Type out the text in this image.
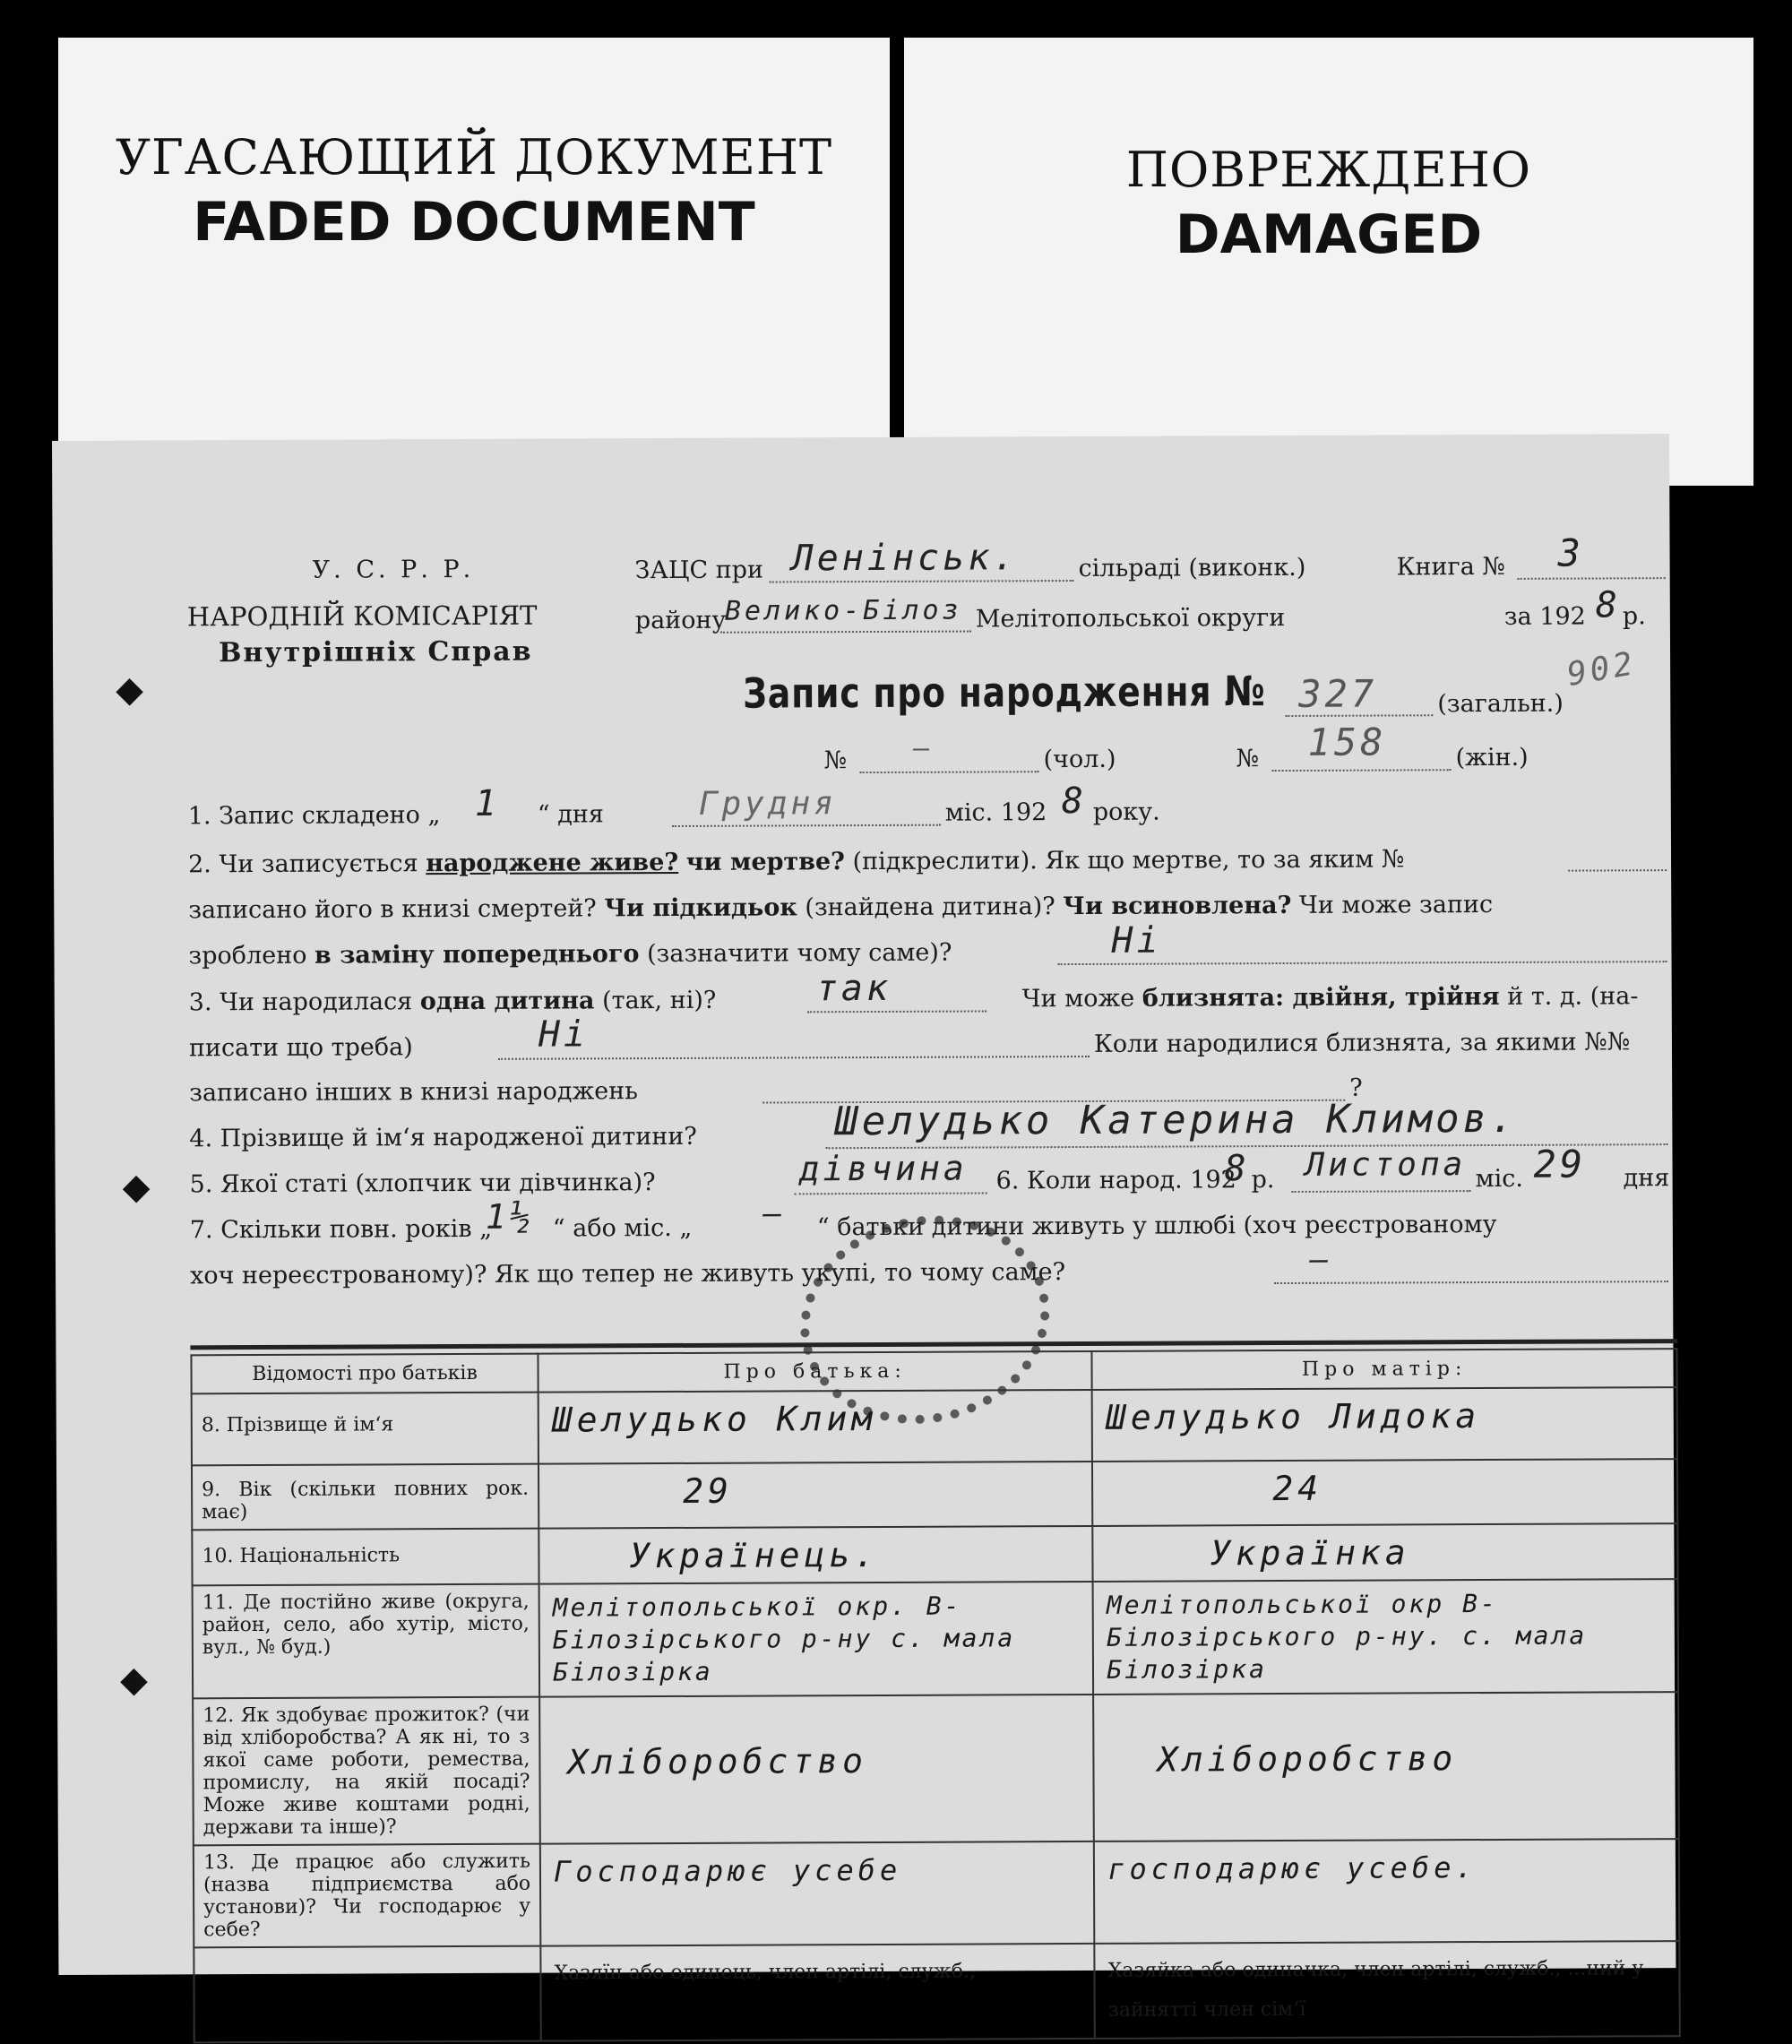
УГАСАЮЩИЙ ДОКУМЕНТ
FADED DOCUMENT
ПОВРЕЖДЕНО
DAMAGED
◆
◆
◆
У. С. Р. Р.
НАРОДНІЙ КОМІСАРІЯТ
Внутрішніх Справ
ЗАЦС при Ленінськ. сільраді (виконк.)	Книга № 3
району
Велико-Білоз Мелітопольської округи	за 192 8 р.
Запис про народження № 327
902
(загальн.)
№ —	(чол.)	№ 158	(жін.)
1. Запис складено „ 1 “ дня	Грудня	міс. 192 8 року.
2. Чи записується народжене живе? чи мертве? (підкреслити). Як що мертве, то за яким №
записано його в книзі смертей? Чи підкидьок (знайдена дитина)? Чи всиновлена? Чи може запис
зроблено в заміну попереднього (зазначити чому саме)?	Ні
3. Чи народилася одна дитина (так, ні)?	так	Чи може близнята: двійня, трійня й т. д. (на-
писати що треба)	Ні	Коли народилися близнята, за якими №№
записано інших в книзі народжень	?
4. Прізвище й ім‘я народженої дитини?	Шелудько Катерина Климов.
5. Якої статі (хлопчик чи дівчинка)?	дівчина 6. Коли народ. 192
8 р. Листопа міс. 29 дня
7. Скільки повн. років „
1½ “ або міс. „ — “ батьки дитини живуть у шлюбі (хоч реєстрованому
хоч нереєстрованому)? Як що тепер не живуть укупі, то чому саме?	—
Відомості про батьків	Про батька:	Про матір:
8. Прізвище й ім‘я	Шелудько Клим	Шелудько Лидока
9. Вік (скільки повних рок. має)	29	24
10. Національність	Українець.	Українка
11. Де постійно живе (округа, район, село, або хутір, місто, вул., № буд.)	Мелітопольської окр. В-Білозірського р-ну с. мала Білозірка	Мелітопольської окр В-Білозірського р-ну. с. мала Білозірка
12. Як здобуває прожиток? (чи від хліборобства? А як ні, то з якої саме роботи, ремества, промислу, на якій посаді? Може живе коштами родні, держави та інше)?	Хліборобство	Хліборобство
13. Де працює або служить (назва підприємства або установи)? Чи господарює у себе?	Господарює усебе	господарює усебе.
	Хазяїн або одинець, член артілі, служб.,	Хазяйка або одиначка, член артілі, служб., ...ний у зайнятті член сім‘ї
